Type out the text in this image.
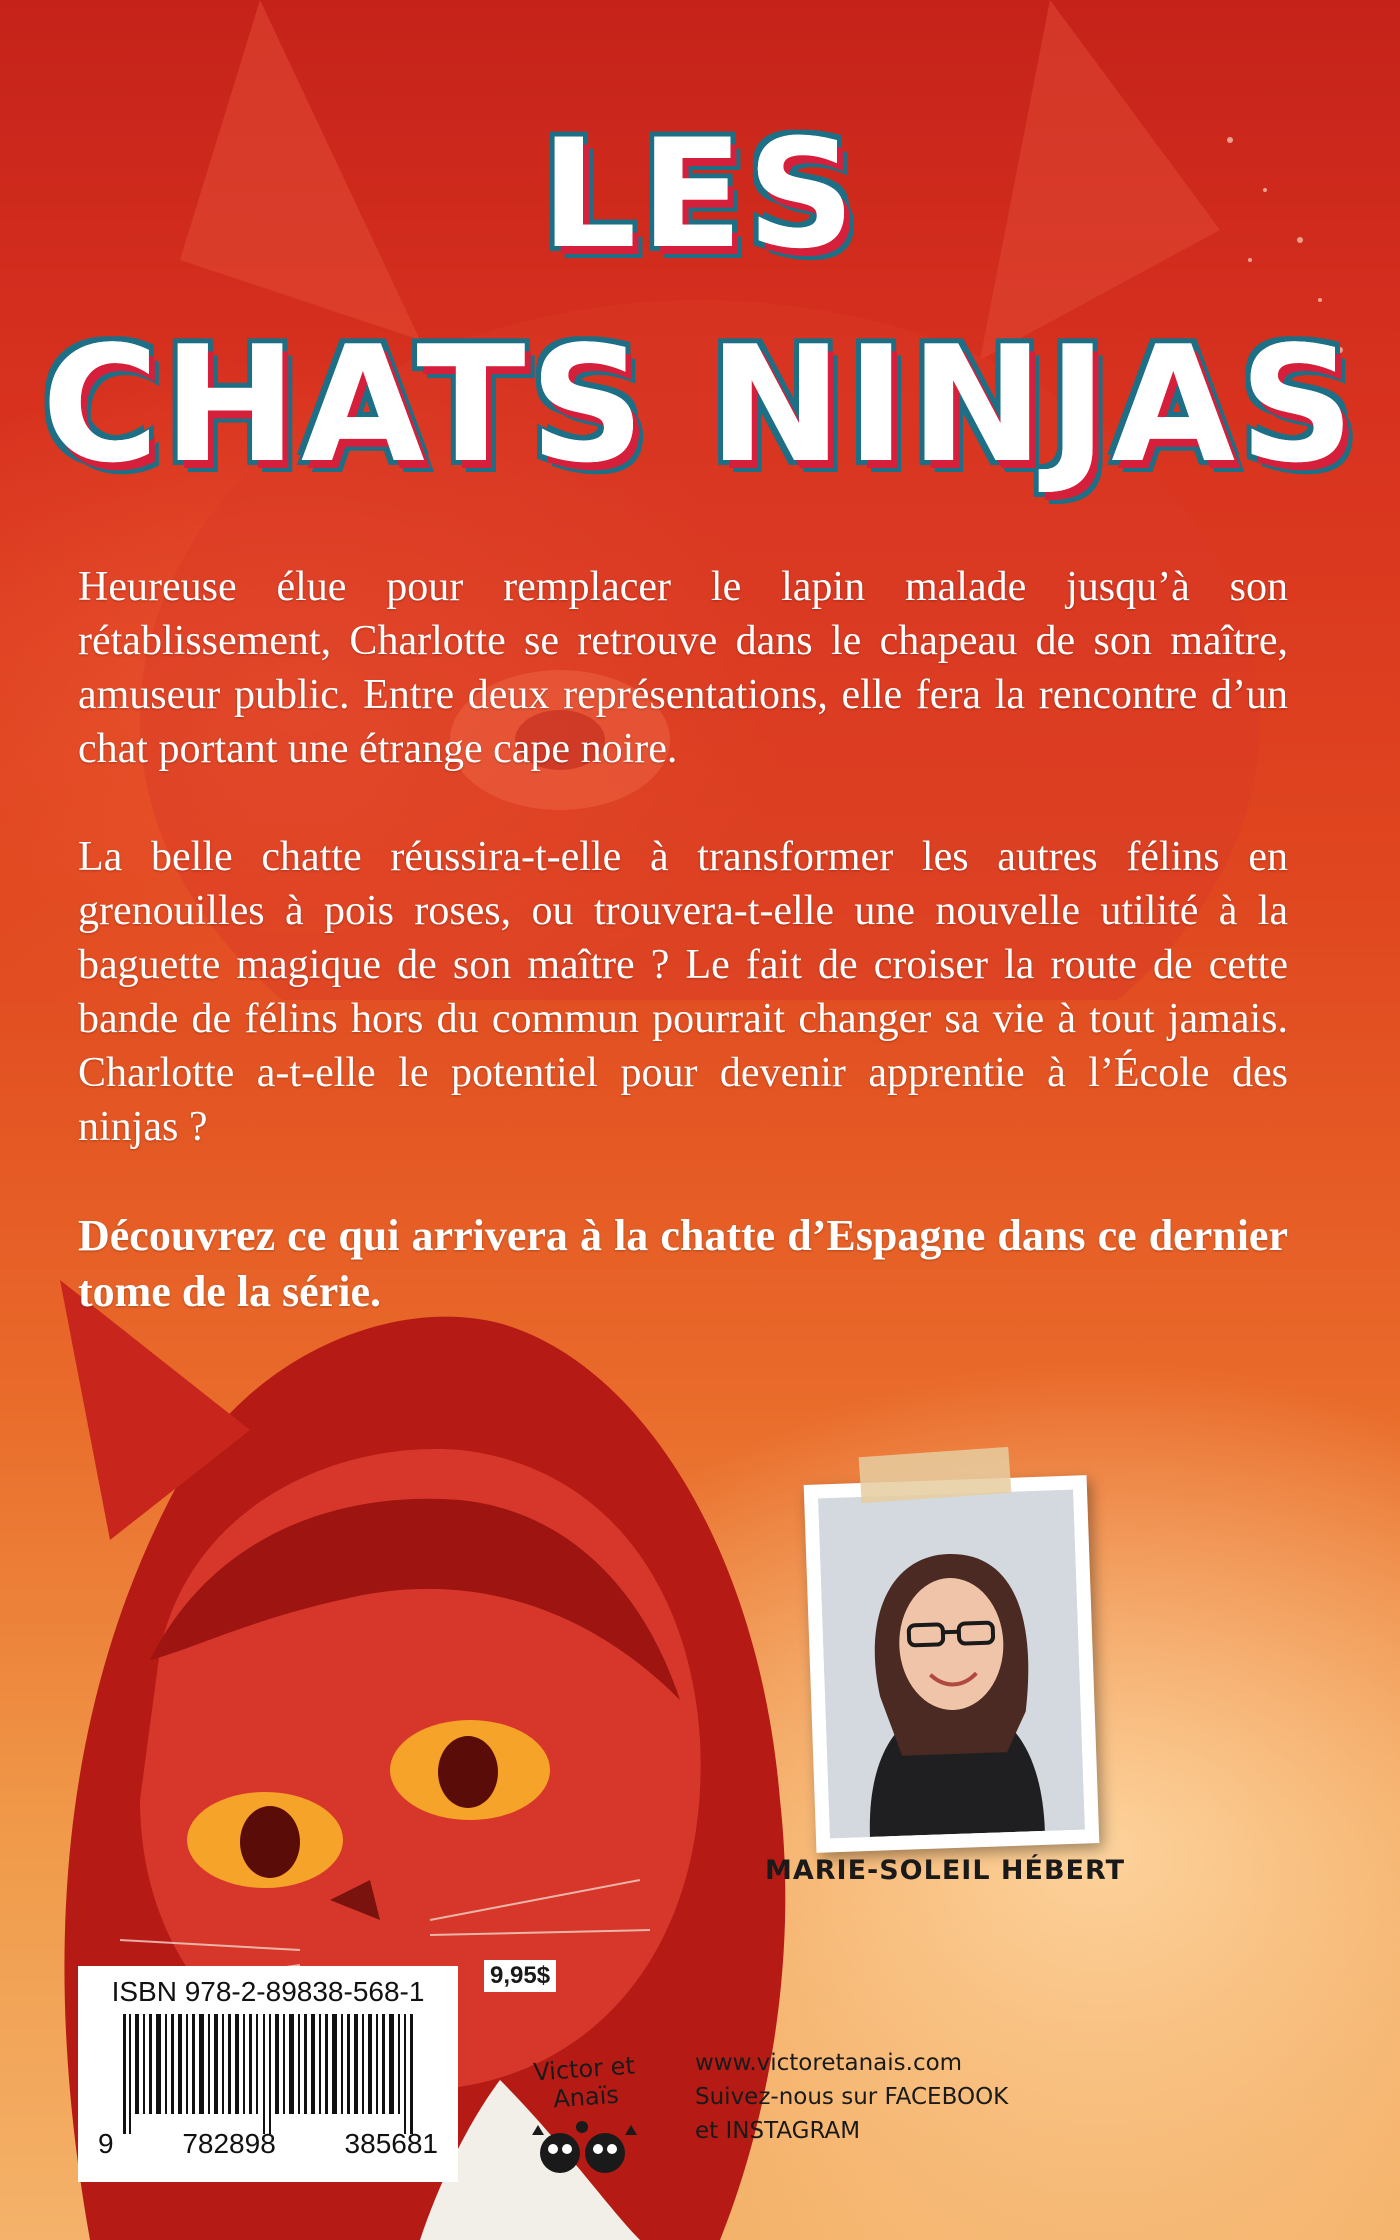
LES
CHATS NINJAS

Heureuse élue pour remplacer le lapin malade jusqu’à son rétablissement, Charlotte se retrouve dans le chapeau de son maître, amuseur public. Entre deux représentations, elle fera la rencontre d’un chat portant une étrange cape noire.

La belle chatte réussira-t-elle à transformer les autres félins en grenouilles à pois roses, ou trouvera-t-elle une nouvelle utilité à la baguette magique de son maître ? Le fait de croiser la route de cette bande de félins hors du commun pourrait changer sa vie à tout jamais. Charlotte a-t-elle le potentiel pour devenir apprentie à l’École des ninjas ?

Découvrez ce qui arrivera à la chatte d’Espagne dans ce dernier tome de la série.

MARIE-SOLEIL HÉBERT
ISBN 978-2-89838-568-1
9 782898 385681
9,95$
Victor et Anaïs
www.victoretanais.com
Suivez-nous sur FACEBOOK
et INSTAGRAM
